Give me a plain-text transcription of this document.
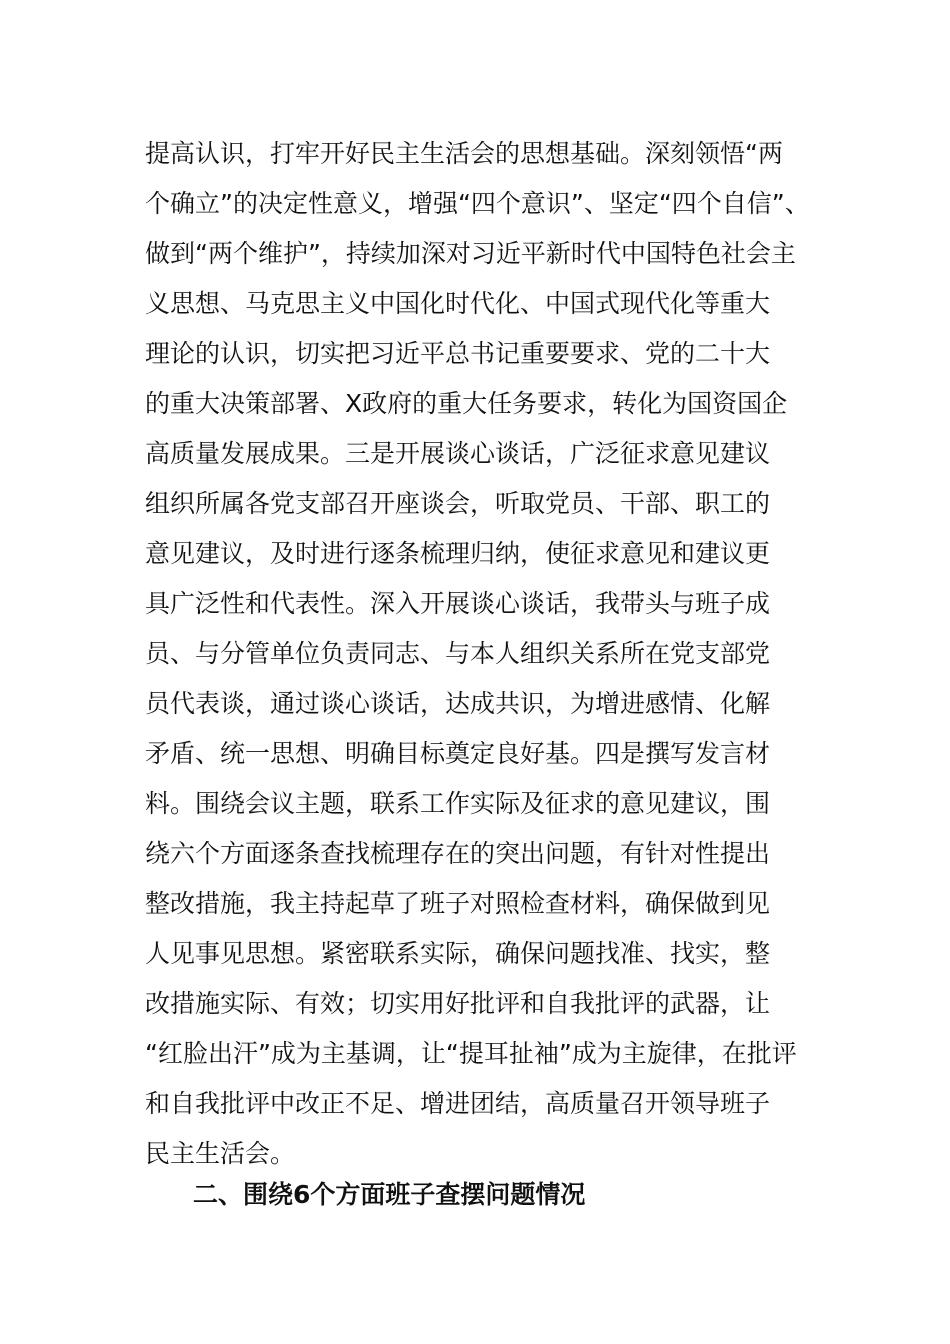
提高认识，打牢开好民主生活会的思想基础。深刻领悟“两
个确立”的决定性意义，增强“四个意识”、坚定“四个自信”、
做到“两个维护”，持续加深对习近平新时代中国特色社会主
义思想、马克思主义中国化时代化、中国式现代化等重大
理论的认识，切实把习近平总书记重要要求、党的二十大
的重大决策部署、X政府的重大任务要求，转化为国资国企
高质量发展成果。三是开展谈心谈话，广泛征求意见建议
组织所属各党支部召开座谈会，听取党员、干部、职工的
意见建议，及时进行逐条梳理归纳，使征求意见和建议更
具广泛性和代表性。深入开展谈心谈话，我带头与班子成
员、与分管单位负责同志、与本人组织关系所在党支部党
员代表谈，通过谈心谈话，达成共识，为增进感情、化解
矛盾、统一思想、明确目标奠定良好基。四是撰写发言材
料。围绕会议主题，联系工作实际及征求的意见建议，围
绕六个方面逐条查找梳理存在的突出问题，有针对性提出
整改措施，我主持起草了班子对照检查材料，确保做到见
人见事见思想。紧密联系实际，确保问题找准、找实，整
改措施实际、有效；切实用好批评和自我批评的武器，让
“红脸出汗”成为主基调，让“提耳扯袖”成为主旋律，在批评
和自我批评中改正不足、增进团结，高质量召开领导班子
民主生活会。
二、围绕6个方面班子查摆问题情况
